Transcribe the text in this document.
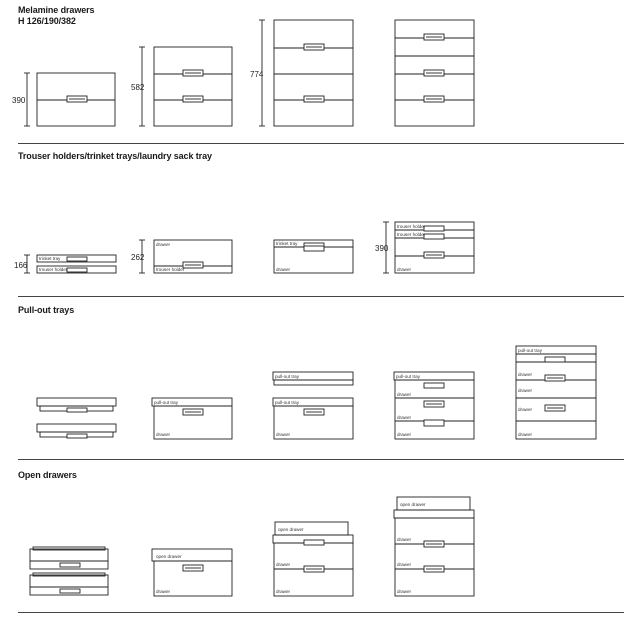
Melamine drawers
H 126/190/382
Trouser holders/trinket trays/laundry sack tray
Pull-out trays
Open drawers
390
582
774
166
262
390
trinket tray
trouser holder
drawer
trouser holder
trinket tray
drawer
trouser holder
trouser holder
drawer
pull-out tray
drawer
pull-out tray
pull-out tray
drawer
pull-out tray
drawer
drawer
drawer
pull-out tray
drawer
drawer
drawer
drawer
open drawer
drawer
open drawer
drawer
drawer
open drawer
drawer
drawer
drawer
